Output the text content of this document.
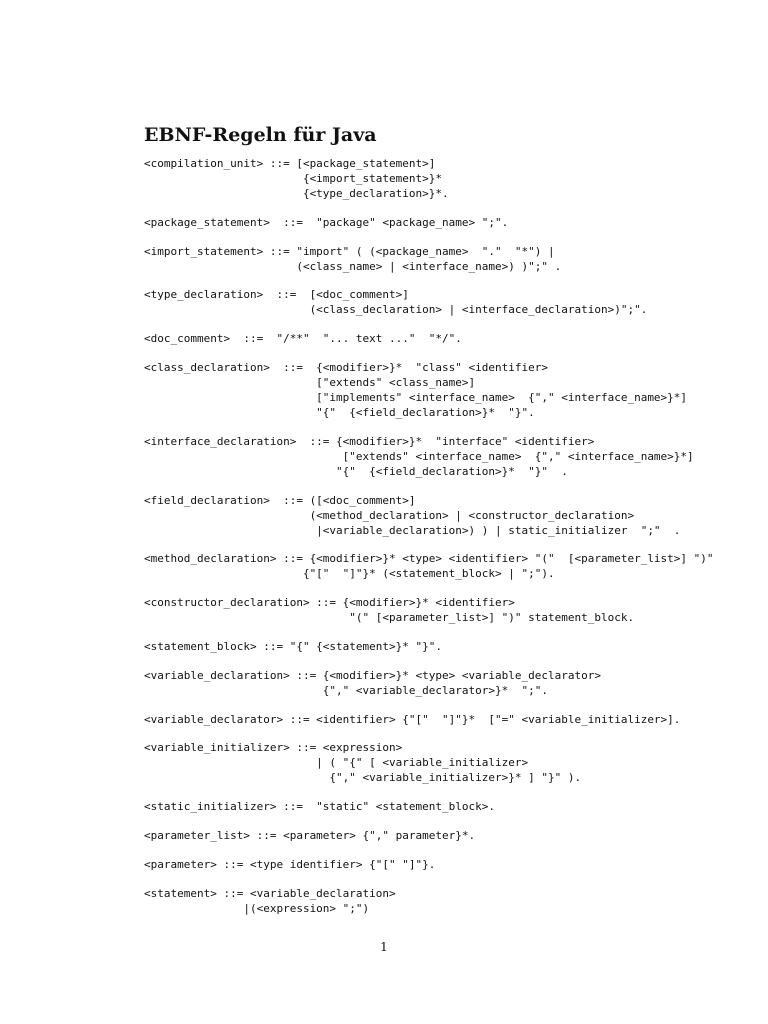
EBNF-Regeln für Java

<compilation_unit> ::= [<package_statement>]
{<import_statement>}*
{<type_declaration>}*.

<package_statement>  ::=  "package" <package_name> ";".

<import_statement> ::= "import" ( (<package_name>  "."  "*") |
(<class_name> | <interface_name>) )";" .

<type_declaration>  ::=  [<doc_comment>]
(<class_declaration> | <interface_declaration>)";".

<doc_comment>  ::=  "/**"  "... text ..."  "*/".

<class_declaration>  ::=  {<modifier>}*  "class" <identifier>
["extends" <class_name>]
["implements" <interface_name>  {"," <interface_name>}*]
"{"  {<field_declaration>}*  "}".

<interface_declaration>  ::= {<modifier>}*  "interface" <identifier>
["extends" <interface_name>  {"," <interface_name>}*]
"{"  {<field_declaration>}*  "}"  .

<field_declaration>  ::= ([<doc_comment>]
(<method_declaration> | <constructor_declaration>
|<variable_declaration>) ) | static_initializer  ";"  .

<method_declaration> ::= {<modifier>}* <type> <identifier> "("  [<parameter_list>] ")"
{"["  "]"}* (<statement_block> | ";").

<constructor_declaration> ::= {<modifier>}* <identifier>
"(" [<parameter_list>] ")" statement_block.

<statement_block> ::= "{" {<statement>}* "}".

<variable_declaration> ::= {<modifier>}* <type> <variable_declarator>
{"," <variable_declarator>}*  ";".

<variable_declarator> ::= <identifier> {"["  "]"}*  ["=" <variable_initializer>].

<variable_initializer> ::= <expression>
| ( "{" [ <variable_initializer>
{"," <variable_initializer>}* ] "}" ).

<static_initializer> ::=  "static" <statement_block>.

<parameter_list> ::= <parameter> {"," parameter}*.

<parameter> ::= <type identifier> {"[" "]"}.

<statement> ::= <variable_declaration>
|(<expression> ";")

1
